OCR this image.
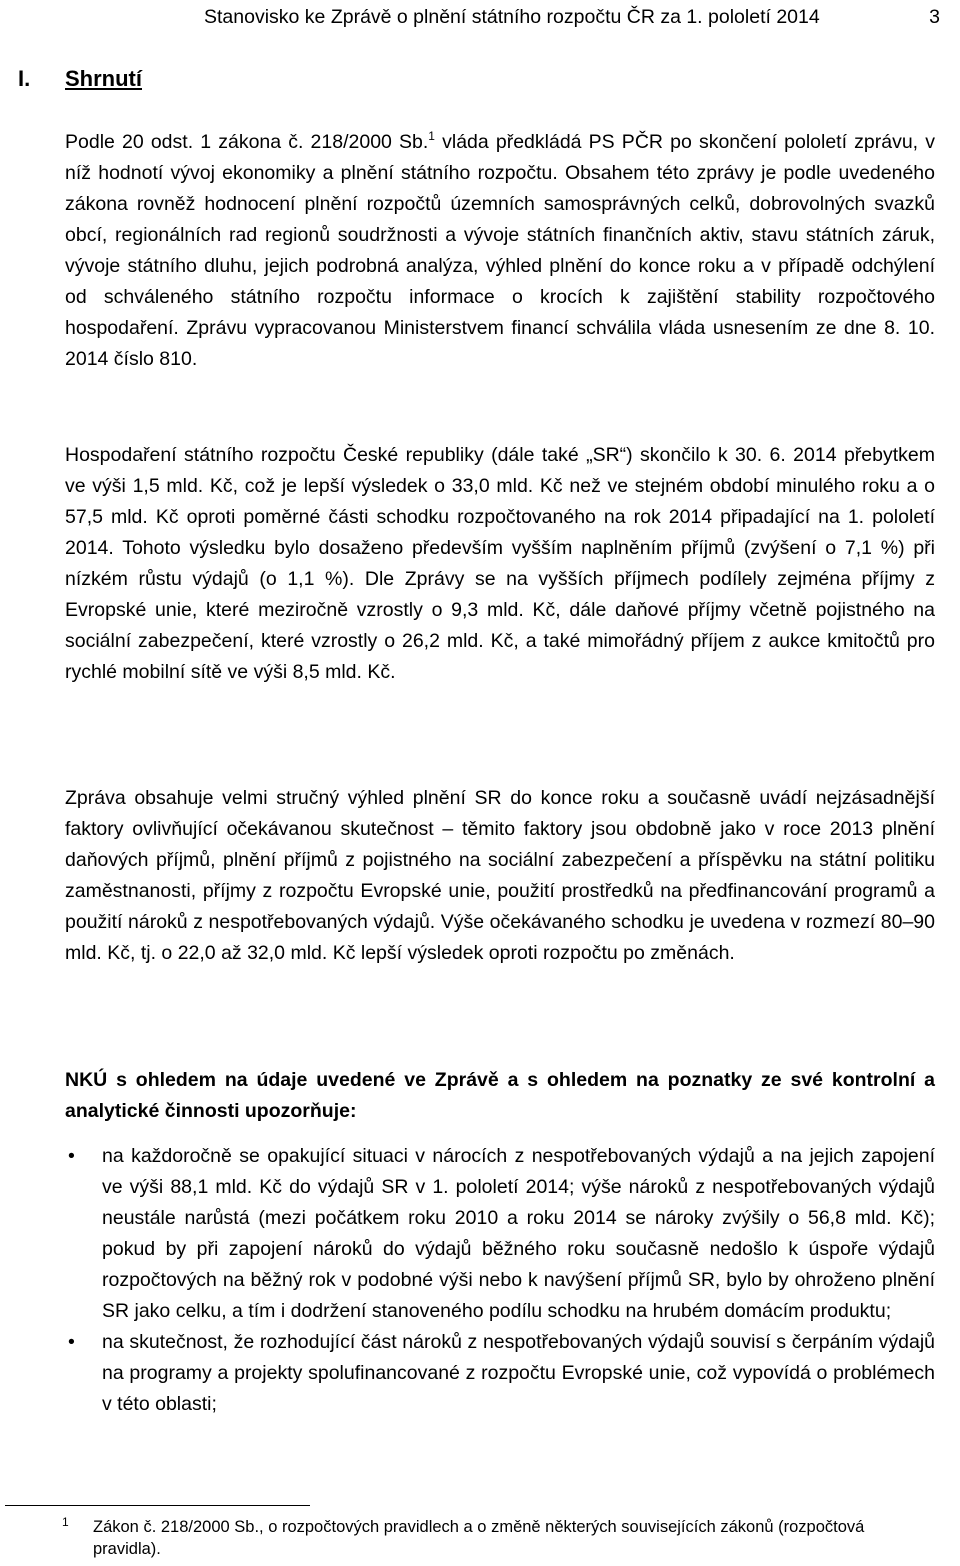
Stanovisko ke Zprávě o plnění státního rozpočtu ČR za 1. pololetí 2014	3
I. Shrnutí

Podle 20 odst. 1 zákona č. 218/2000 Sb.$^1$ vláda předkládá PS PČR po skončení pololetí zprávu, v níž hodnotí vývoj ekonomiky a plnění státního rozpočtu. Obsahem této zprávy je podle uvedeného zákona rovněž hodnocení plnění rozpočtů územních samosprávných celků, dobrovolných svazků obcí, regionálních rad regionů soudržnosti a vývoje státních finančních aktiv, stavu státních záruk, vývoje státního dluhu, jejich podrobná analýza, výhled plnění do konce roku a v případě odchýlení od schváleného státního rozpočtu informace o krocích k zajištění stability rozpočtového hospodaření. Zprávu vypracovanou Ministerstvem financí schválila vláda usnesením ze dne 8. 10. 2014 číslo 810.

Hospodaření státního rozpočtu České republiky (dále také „SR“) skončilo k 30. 6. 2014 přebytkem ve výši 1,5 mld. Kč, což je lepší výsledek o 33,0 mld. Kč než ve stejném období minulého roku a o 57,5 mld. Kč oproti poměrné části schodku rozpočtovaného na rok 2014 připadající na 1. pololetí 2014. Tohoto výsledku bylo dosaženo především vyšším naplněním příjmů (zvýšení o 7,1 %) při nízkém růstu výdajů (o 1,1 %). Dle Zprávy se na vyšších příjmech podílely zejména příjmy z Evropské unie, které meziročně vzrostly o 9,3 mld. Kč, dále daňové příjmy včetně pojistného na sociální zabezpečení, které vzrostly o 26,2 mld. Kč, a také mimořádný příjem z aukce kmitočtů pro rychlé mobilní sítě ve výši 8,5 mld. Kč.

Zpráva obsahuje velmi stručný výhled plnění SR do konce roku a současně uvádí nejzásadnější faktory ovlivňující očekávanou skutečnost – těmito faktory jsou obdobně jako v roce 2013 plnění daňových příjmů, plnění příjmů z pojistného na sociální zabezpečení a příspěvku na státní politiku zaměstnanosti, příjmy z rozpočtu Evropské unie, použití prostředků na předfinancování programů a použití nároků z nespotřebovaných výdajů. Výše očekávaného schodku je uvedena v rozmezí 80–90 mld. Kč, tj. o 22,0 až 32,0 mld. Kč lepší výsledek oproti rozpočtu po změnách.

NKÚ s ohledem na údaje uvedené ve Zprávě a s ohledem na poznatky ze své kontrolní a analytické činnosti upozorňuje:

• na každoročně se opakující situaci v nárocích z nespotřebovaných výdajů a na jejich zapojení ve výši 88,1 mld. Kč do výdajů SR v 1. pololetí 2014; výše nároků z nespotřebovaných výdajů neustále narůstá (mezi počátkem roku 2010 a roku 2014 se nároky zvýšily o 56,8 mld. Kč); pokud by při zapojení nároků do výdajů běžného roku současně nedošlo k úspoře výdajů rozpočtových na běžný rok v podobné výši nebo k navýšení příjmů SR, bylo by ohroženo plnění SR jako celku, a tím i dodržení stanoveného podílu schodku na hrubém domácím produktu;
• na skutečnost, že rozhodující část nároků z nespotřebovaných výdajů souvisí s čerpáním výdajů na programy a projekty spolufinancované z rozpočtu Evropské unie, což vypovídá o problémech v této oblasti;
1	Zákon č. 218/2000 Sb., o rozpočtových pravidlech a o změně některých souvisejících zákonů (rozpočtová pravidla).
